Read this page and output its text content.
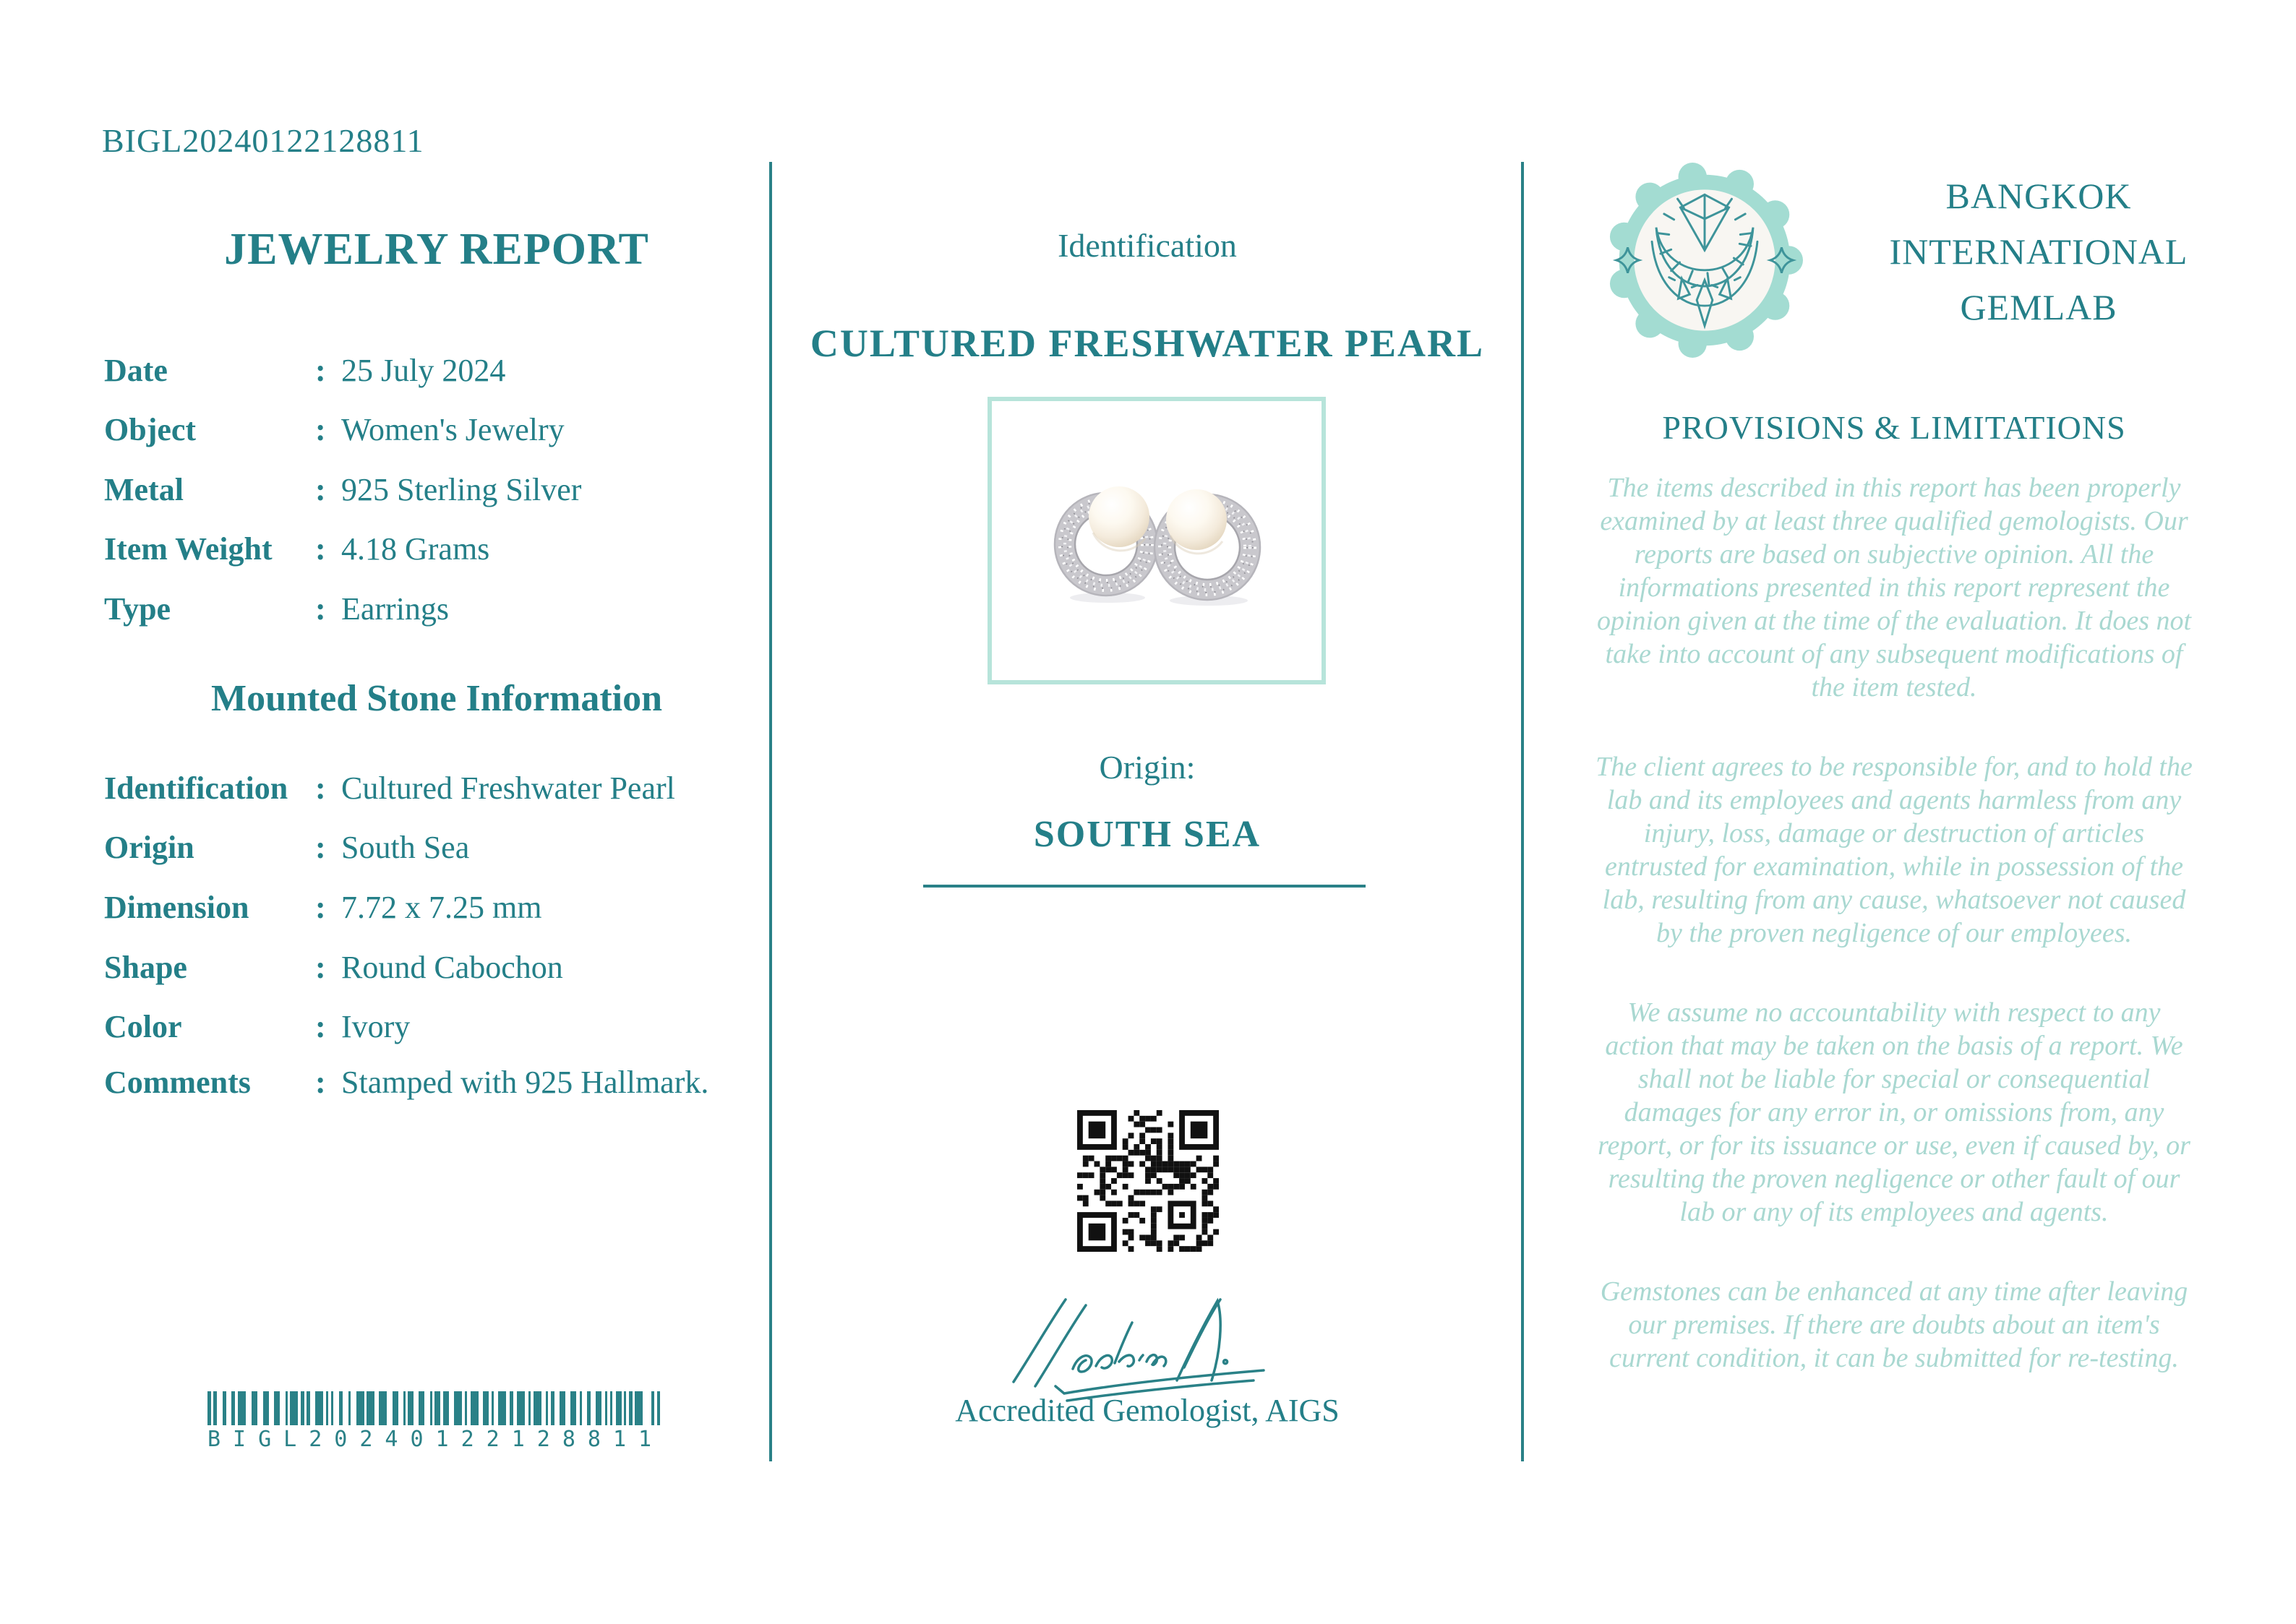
BIGL20240122128811
JEWELRY REPORT
Date	: 25 July 2024
Object	: Women's Jewelry
Metal	: 925 Sterling Silver
Item Weight	: 4.18 Grams
Type	: Earrings
Mounted Stone Information
Identification : Cultured Freshwater Pearl
Origin	: South Sea
Dimension	: 7.72 x 7.25 mm
Shape	: Round Cabochon
Color	: Ivory
Comments	: Stamped with 925 Hallmark.
BIGL20240122128811
Identification
CULTURED FRESHWATER PEARL
Origin:
SOUTH SEA
Accredited Gemologist, AIGS
BANGKOK
INTERNATIONAL
GEMLAB
PROVISIONS & LIMITATIONS

The items described in this report has been properly examined by at least three qualified gemologists. Our reports are based on subjective opinion. All the informations presented in this report represent the opinion given at the time of the evaluation. It does not take into account of any subsequent modifications of the item tested.

The client agrees to be responsible for, and to hold the lab and its employees and agents harmless from any injury, loss, damage or destruction of articles entrusted for examination, while in possession of the lab, resulting from any cause, whatsoever not caused by the proven negligence of our employees.

We assume no accountability with respect to any action that may be taken on the basis of a report. We shall not be liable for special or consequential damages for any error in, or omissions from, any report, or for its issuance or use, even if caused by, or resulting the proven negligence or other fault of our lab or any of its employees and agents.

Gemstones can be enhanced at any time after leaving our premises. If there are doubts about an item's current condition, it can be submitted for re-testing.
